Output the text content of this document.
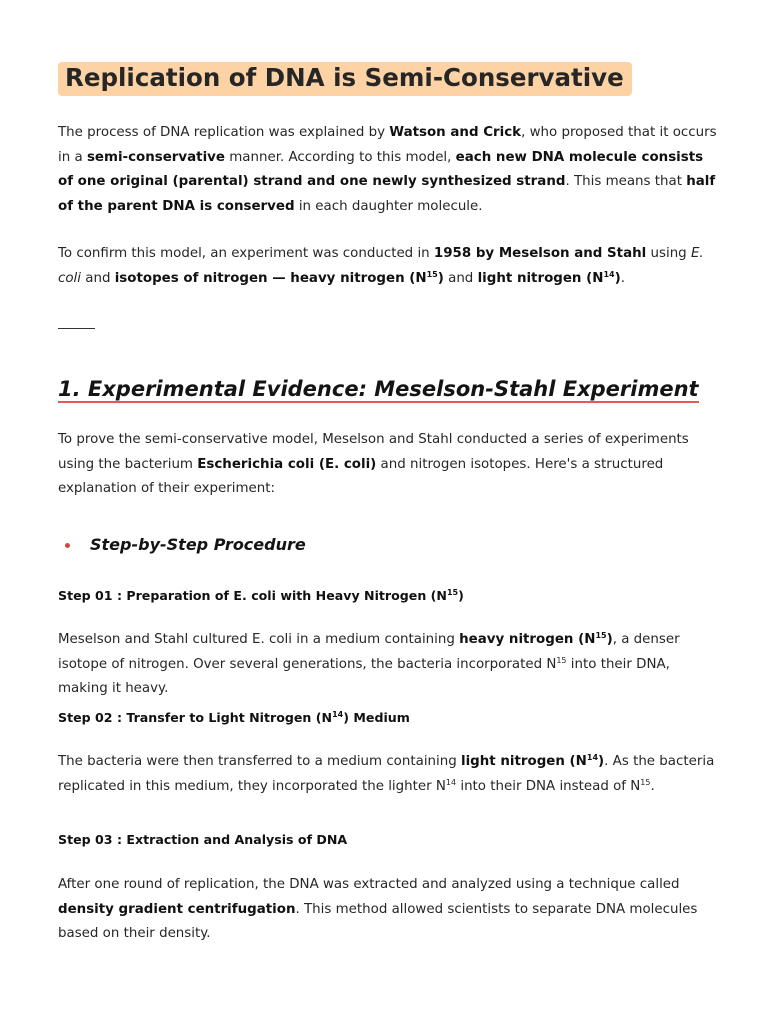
Replication of DNA is Semi-Conservative

The process of DNA replication was explained by Watson and Crick, who proposed that it occurs in a semi-conservative manner. According to this model, each new DNA molecule consists of one original (parental) strand and one newly synthesized strand. This means that half of the parent DNA is conserved in each daughter molecule.

To confirm this model, an experiment was conducted in 1958 by Meselson and Stahl using E. coli and isotopes of nitrogen — heavy nitrogen $(N^{15})$ and light nitrogen $(N^{14})$.

1. Experimental Evidence: Meselson-Stahl Experiment

To prove the semi-conservative model, Meselson and Stahl conducted a series of experiments using the bacterium Escherichia coli (E. coli) and nitrogen isotopes. Here's a structured explanation of their experiment:

Step-by-Step Procedure
Step 01 : Preparation of E. coli with Heavy Nitrogen $(N^{15})$

Meselson and Stahl cultured E. coli in a medium containing heavy nitrogen $(N^{15})$, a denser isotope of nitrogen. Over several generations, the bacteria incorporated $N^{15}$ into their DNA, making it heavy.

Step 02 : Transfer to Light Nitrogen $(N^{14})$ Medium

The bacteria were then transferred to a medium containing light nitrogen $(N^{14})$. As the bacteria replicated in this medium, they incorporated the lighter $N^{14}$ into their DNA instead of $N^{15}$.

Step 03 : Extraction and Analysis of DNA

After one round of replication, the DNA was extracted and analyzed using a technique called density gradient centrifugation. This method allowed scientists to separate DNA molecules based on their density.
